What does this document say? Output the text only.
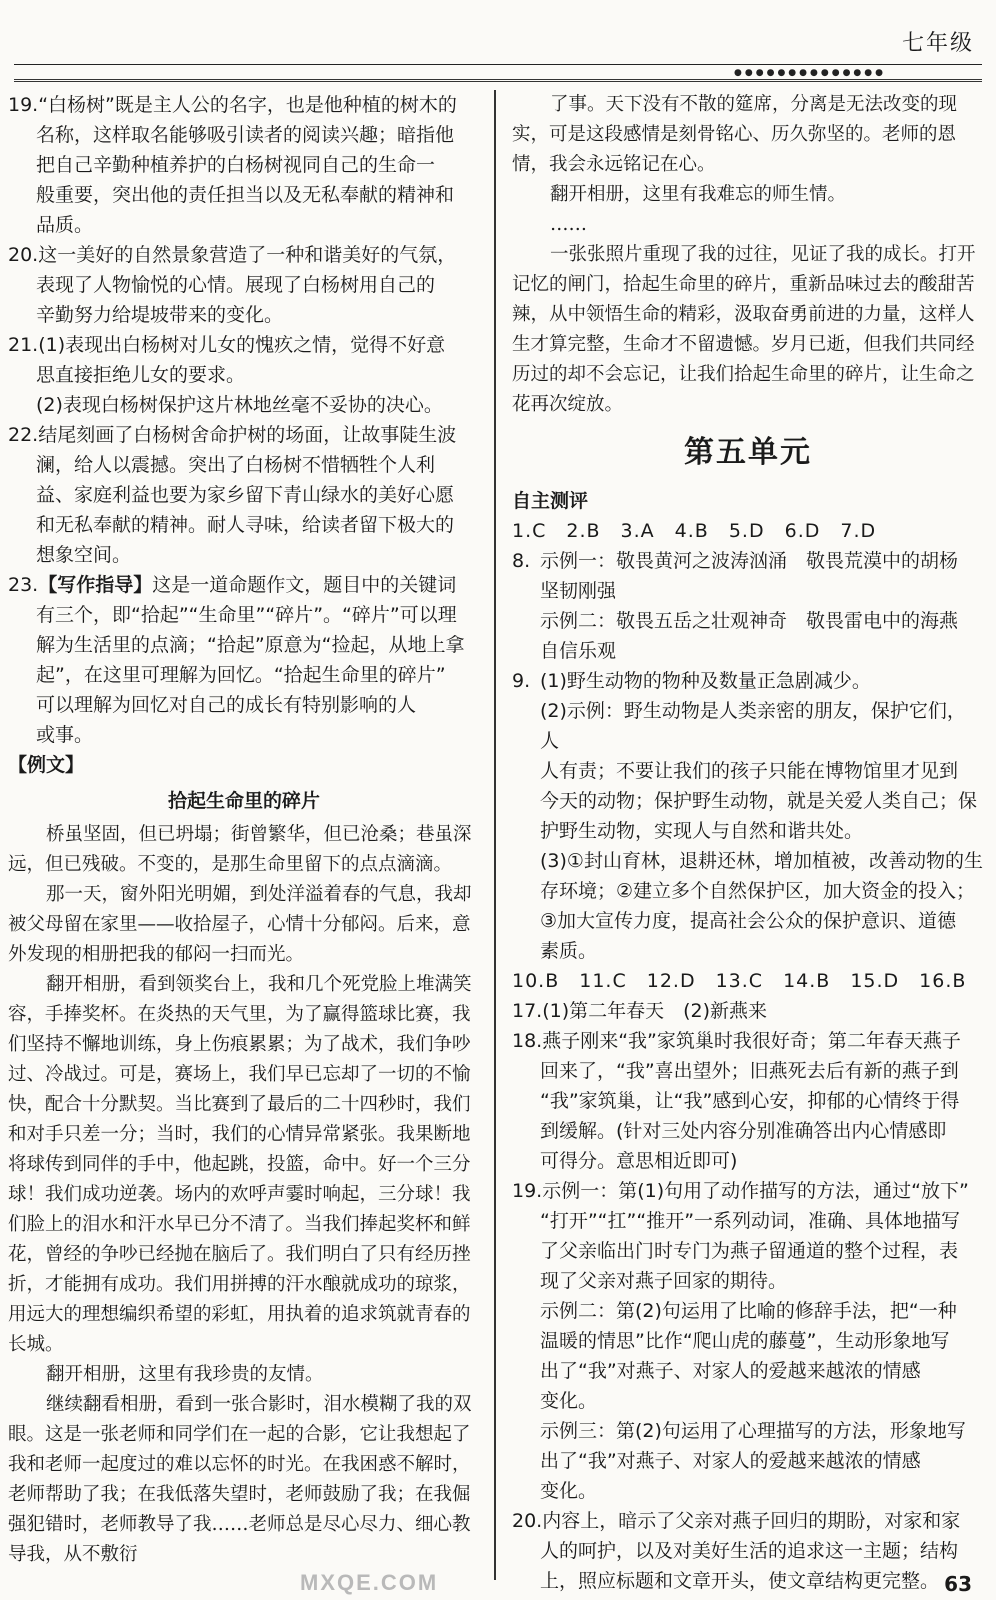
七年级
●●●●●●●●●●●●●●
19.“白杨树”既是主人公的名字，也是他种植的树木的
名称，这样取名能够吸引读者的阅读兴趣；暗指他
把自己辛勤种植养护的白杨树视同自己的生命一
般重要，突出他的责任担当以及无私奉献的精神和
品质。
20.这一美好的自然景象营造了一种和谐美好的气氛，
表现了人物愉悦的心情。展现了白杨树用自己的
辛勤努力给堤坡带来的变化。
21.(1)表现出白杨树对儿女的愧疚之情，觉得不好意
思直接拒绝儿女的要求。
(2)表现白杨树保护这片林地丝毫不妥协的决心。
22.结尾刻画了白杨树舍命护树的场面，让故事陡生波
澜，给人以震撼。突出了白杨树不惜牺牲个人利
益、家庭利益也要为家乡留下青山绿水的美好心愿
和无私奉献的精神。耐人寻味，给读者留下极大的
想象空间。
23.【写作指导】这是一道命题作文，题目中的关键词
有三个，即“拾起”“生命里”“碎片”。“碎片”可以理
解为生活里的点滴；“拾起”原意为“捡起，从地上拿
起”，在这里可理解为回忆。“拾起生命里的碎片”
可以理解为回忆对自己的成长有特别影响的人
或事。
【例文】
拾起生命里的碎片
桥虽坚固，但已坍塌；街曾繁华，但已沧桑；巷虽深远，但已残破。不变的，是那生命里留下的点点滴滴。
那一天，窗外阳光明媚，到处洋溢着春的气息，我却被父母留在家里——收拾屋子，心情十分郁闷。后来，意外发现的相册把我的郁闷一扫而光。
翻开相册，看到领奖台上，我和几个死党脸上堆满笑容，手捧奖杯。在炎热的天气里，为了赢得篮球比赛，我们坚持不懈地训练，身上伤痕累累；为了战术，我们争吵过、冷战过。可是，赛场上，我们早已忘却了一切的不愉快，配合十分默契。当比赛到了最后的二十四秒时，我们和对手只差一分；当时，我们的心情异常紧张。我果断地将球传到同伴的手中，他起跳，投篮，命中。好一个三分球！我们成功逆袭。场内的欢呼声霎时响起，三分球！我们脸上的泪水和汗水早已分不清了。当我们捧起奖杯和鲜花，曾经的争吵已经抛在脑后了。我们明白了只有经历挫折，才能拥有成功。我们用拼搏的汗水酿就成功的琼浆，用远大的理想编织希望的彩虹，用执着的追求筑就青春的长城。
翻开相册，这里有我珍贵的友情。
继续翻看相册，看到一张合影时，泪水模糊了我的双眼。这是一张老师和同学们在一起的合影，它让我想起了我和老师一起度过的难以忘怀的时光。在我困惑不解时，老师帮助了我；在我低落失望时，老师鼓励了我；在我倔强犯错时，老师教导了我……老师总是尽心尽力、细心教导我，从不敷衍
了事。天下没有不散的筵席，分离是无法改变的现实，可是这段感情是刻骨铭心、历久弥坚的。老师的恩情，我会永远铭记在心。
翻开相册，这里有我难忘的师生情。
……
一张张照片重现了我的过往，见证了我的成长。打开记忆的闸门，拾起生命里的碎片，重新品味过去的酸甜苦辣，从中领悟生命的精彩，汲取奋勇前进的力量，这样人生才算完整，生命才不留遗憾。岁月已逝，但我们共同经历过的却不会忘记，让我们拾起生命里的碎片，让生命之花再次绽放。
第五单元
自主测评
1.C　2.B　3.A　4.B　5.D　6.D　7.D
8. 示例一：敬畏黄河之波涛汹涌　敬畏荒漠中的胡杨
坚韧刚强
示例二：敬畏五岳之壮观神奇　敬畏雷电中的海燕
自信乐观
9. (1)野生动物的物种及数量正急剧减少。
(2)示例：野生动物是人类亲密的朋友，保护它们，人
人有责；不要让我们的孩子只能在博物馆里才见到
今天的动物；保护野生动物，就是关爱人类自己；保
护野生动物，实现人与自然和谐共处。
(3)①封山育林，退耕还林，增加植被，改善动物的生
存环境；②建立多个自然保护区，加大资金的投入；
③加大宣传力度，提高社会公众的保护意识、道德
素质。
10.B　11.C　12.D　13.C　14.B　15.D　16.B
17.(1)第二年春天　(2)新燕来
18.燕子刚来“我”家筑巢时我很好奇；第二年春天燕子
回来了，“我”喜出望外；旧燕死去后有新的燕子到
“我”家筑巢，让“我”感到心安，抑郁的心情终于得
到缓解。(针对三处内容分别准确答出内心情感即
可得分。意思相近即可)
19.示例一：第(1)句用了动作描写的方法，通过“放下”
“打开”“扛”“推开”一系列动词，准确、具体地描写
了父亲临出门时专门为燕子留通道的整个过程，表
现了父亲对燕子回家的期待。
示例二：第(2)句运用了比喻的修辞手法，把“一种
温暖的情思”比作“爬山虎的藤蔓”，生动形象地写
出了“我”对燕子、对家人的爱越来越浓的情感
变化。
示例三：第(2)句运用了心理描写的方法，形象地写
出了“我”对燕子、对家人的爱越来越浓的情感
变化。
20.内容上，暗示了父亲对燕子回归的期盼，对家和家
人的呵护，以及对美好生活的追求这一主题；结构
上，照应标题和文章开头，使文章结构更完整。
MXQE.COM	63
